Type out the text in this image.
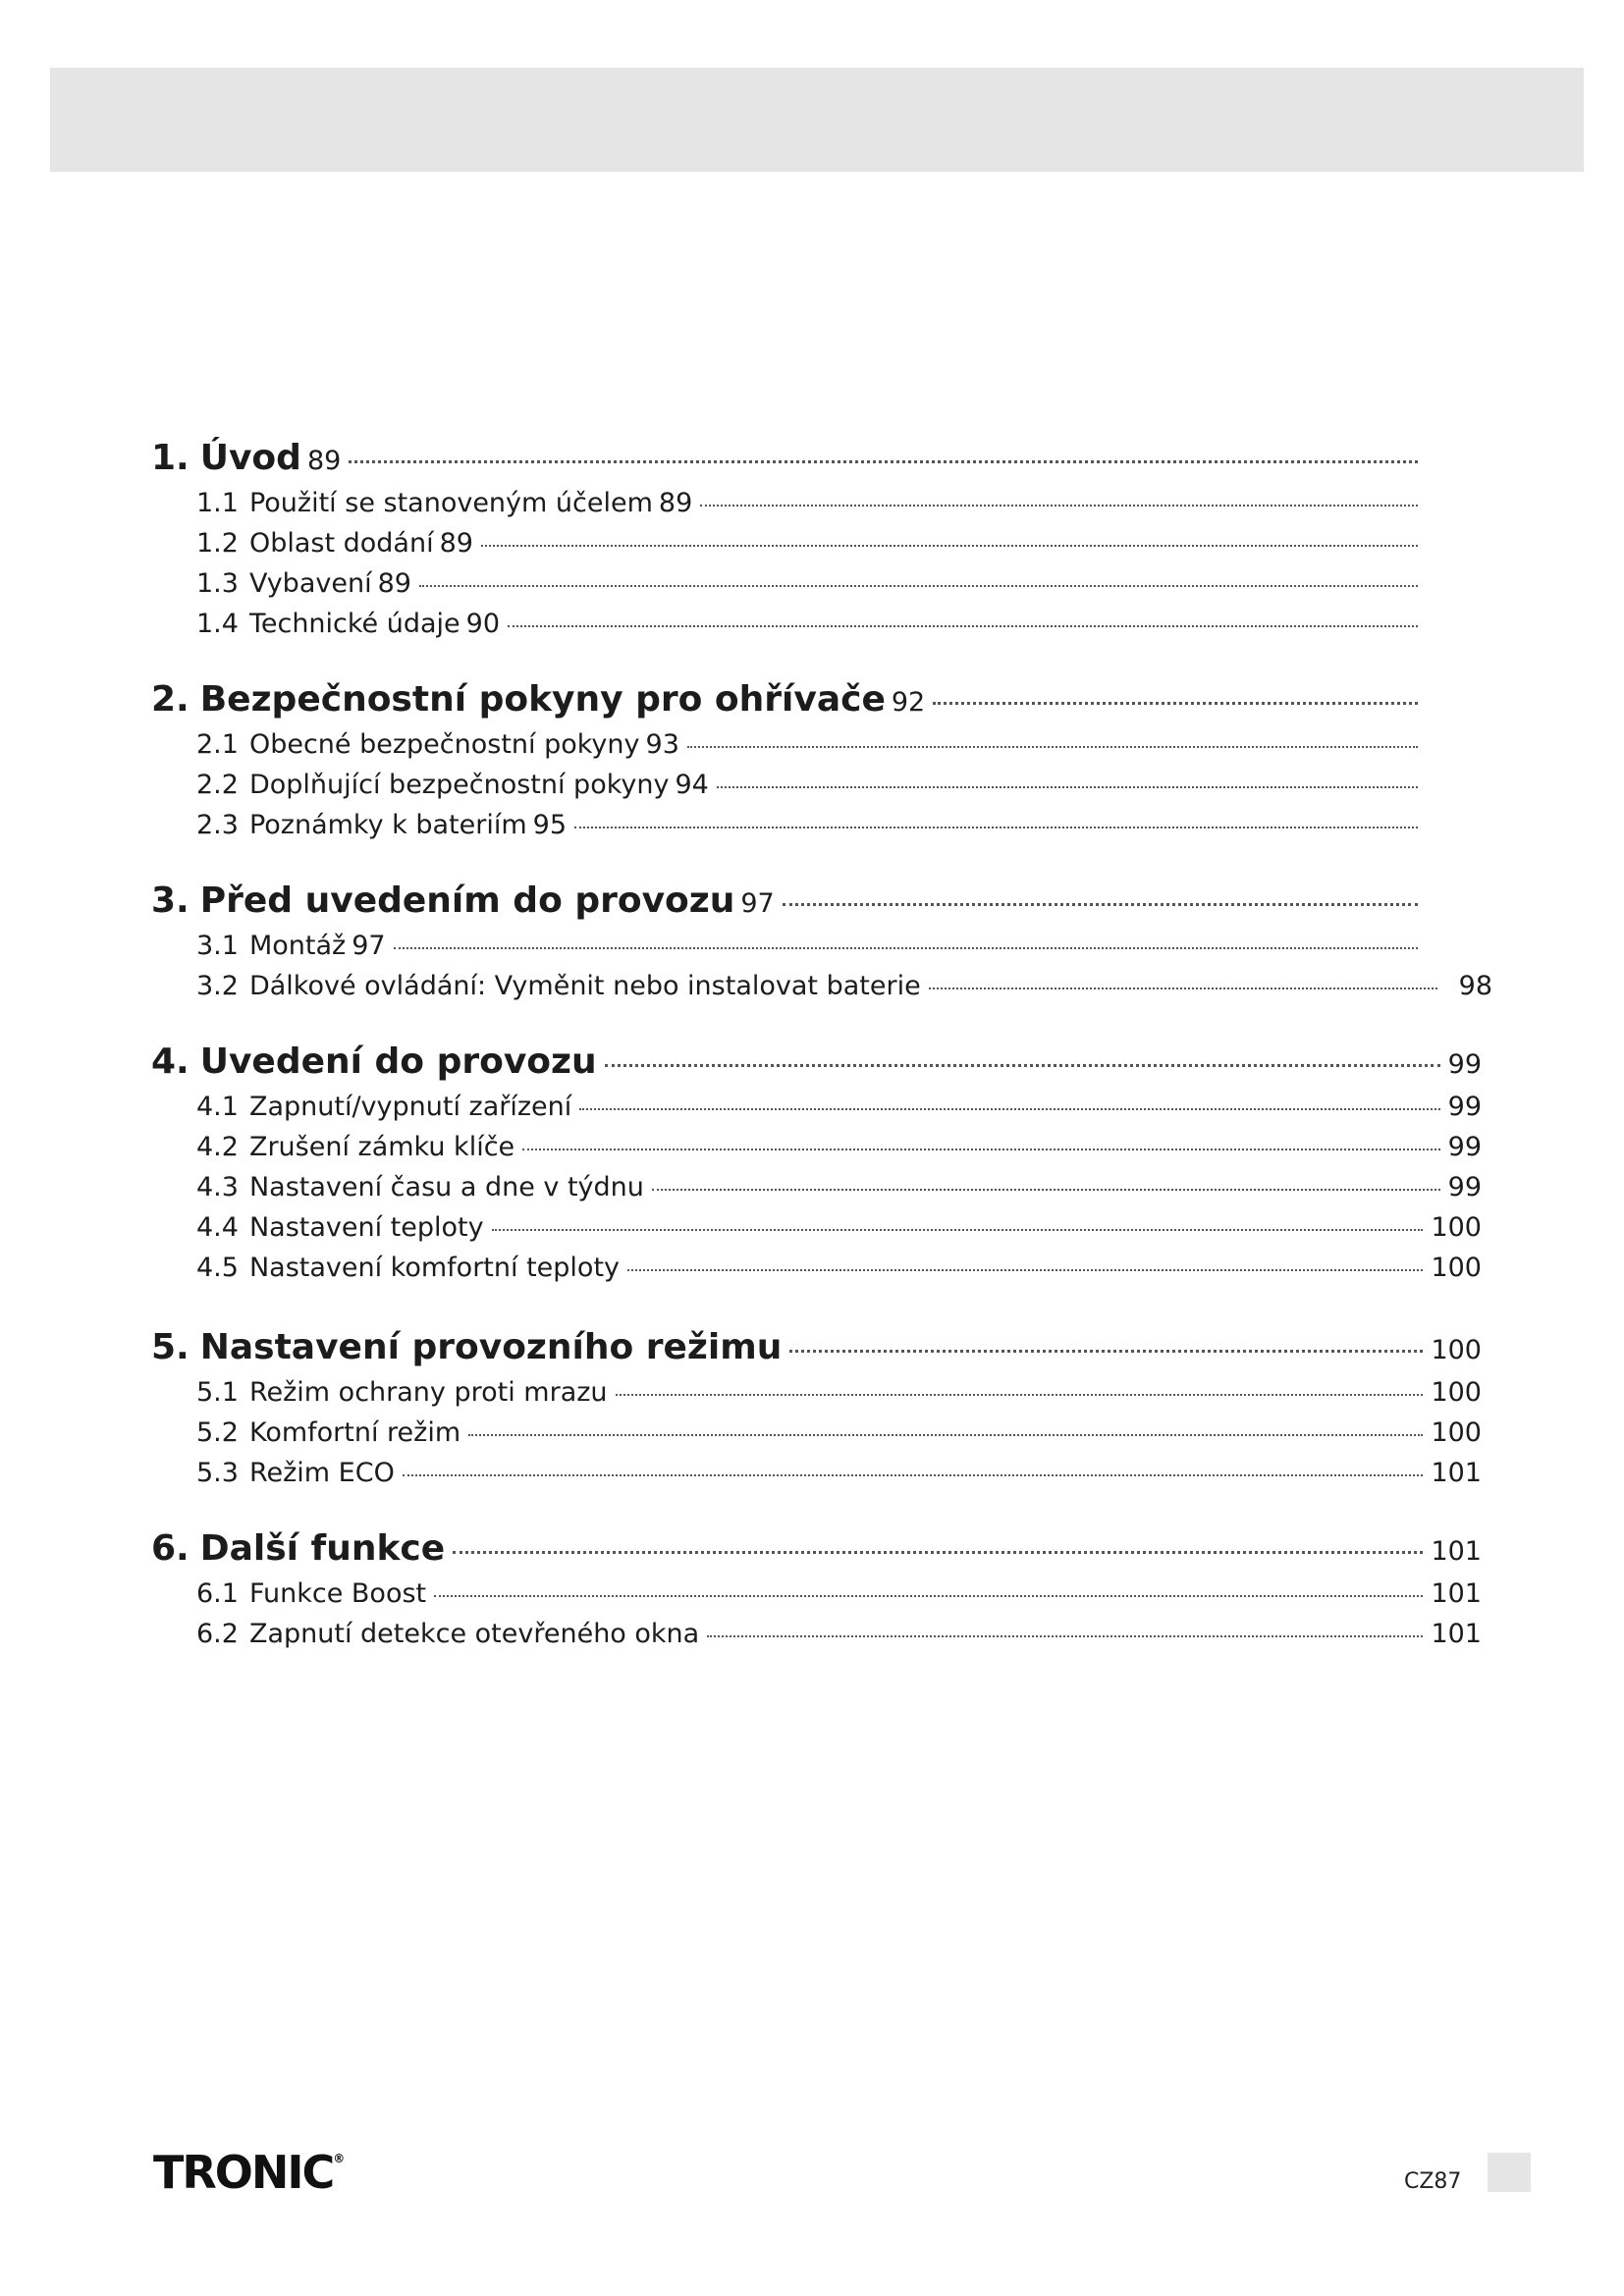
1. Úvod 89
1.1 Použití se stanoveným účelem 89
1.2 Oblast dodání 89
1.3 Vybavení 89
1.4 Technické údaje 90
2. Bezpečnostní pokyny pro ohřívače 92
2.1 Obecné bezpečnostní pokyny 93
2.2 Doplňující bezpečnostní pokyny 94
2.3 Poznámky k bateriím 95
3. Před uvedením do provozu 97
3.1 Montáž 97
3.2 Dálkové ovládání: Vyměnit nebo instalovat baterie	98
4. Uvedení do provozu	99
4.1 Zapnutí/vypnutí zařízení	99
4.2 Zrušení zámku klíče	99
4.3 Nastavení času a dne v týdnu	99
4.4 Nastavení teploty	100
4.5 Nastavení komfortní teploty	100
5. Nastavení provozního režimu	100
5.1 Režim ochrany proti mrazu	100
5.2 Komfortní režim	100
5.3 Režim ECO	101
6. Další funkce	101
6.1 Funkce Boost	101
6.2 Zapnutí detekce otevřeného okna	101
TRONIC®
CZ87
